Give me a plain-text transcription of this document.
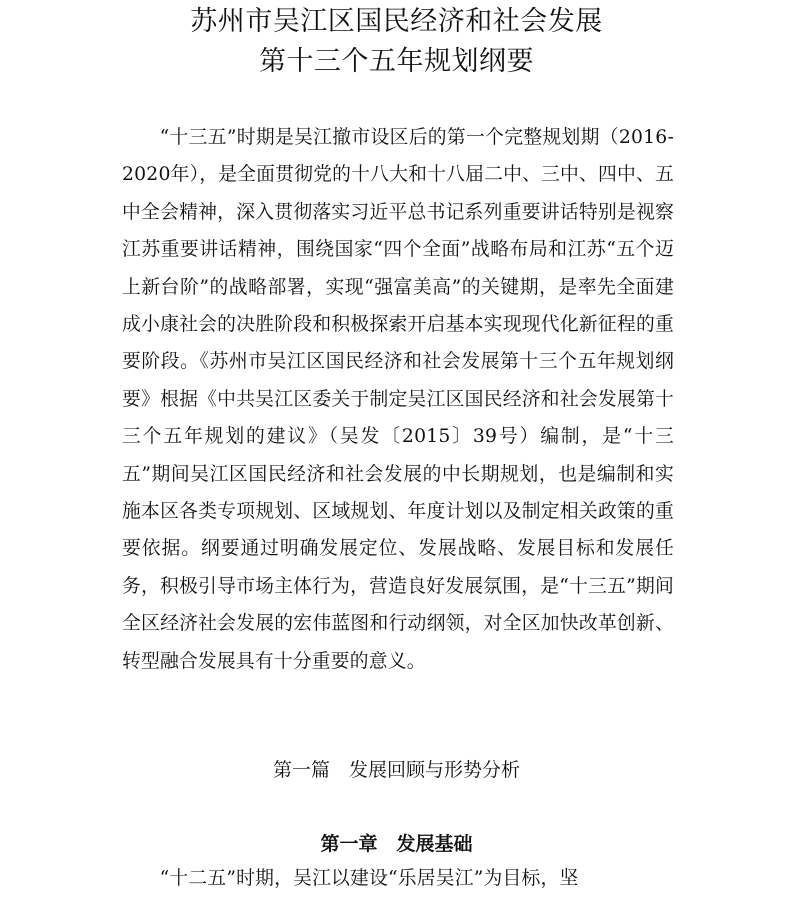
苏州市吴江区国民经济和社会发展
第十三个五年规划纲要

“十三五”时期是吴江撤市设区后的第一个完整规划期（2016-2020年），是全面贯彻党的十八大和十八届二中、三中、四中、五中全会精神，深入贯彻落实习近平总书记系列重要讲话特别是视察江苏重要讲话精神，围绕国家“四个全面”战略布局和江苏“五个迈上新台阶”的战略部署，实现“强富美高”的关键期，是率先全面建成小康社会的决胜阶段和积极探索开启基本实现现代化新征程的重要阶段。《苏州市吴江区国民经济和社会发展第十三个五年规划纲要》根据《中共吴江区委关于制定吴江区国民经济和社会发展第十三个五年规划的建议》（吴发〔2015〕39号）编制，是“十三五”期间吴江区国民经济和社会发展的中长期规划，也是编制和实施本区各类专项规划、区域规划、年度计划以及制定相关政策的重要依据。纲要通过明确发展定位、发展战略、发展目标和发展任务，积极引导市场主体行为，营造良好发展氛围，是“十三五”期间全区经济社会发展的宏伟蓝图和行动纲领，对全区加快改革创新、转型融合发展具有十分重要的意义。

第一篇　发展回顾与形势分析
第一章　发展基础

“十二五”时期，吴江以建设“乐居吴江”为目标，坚
